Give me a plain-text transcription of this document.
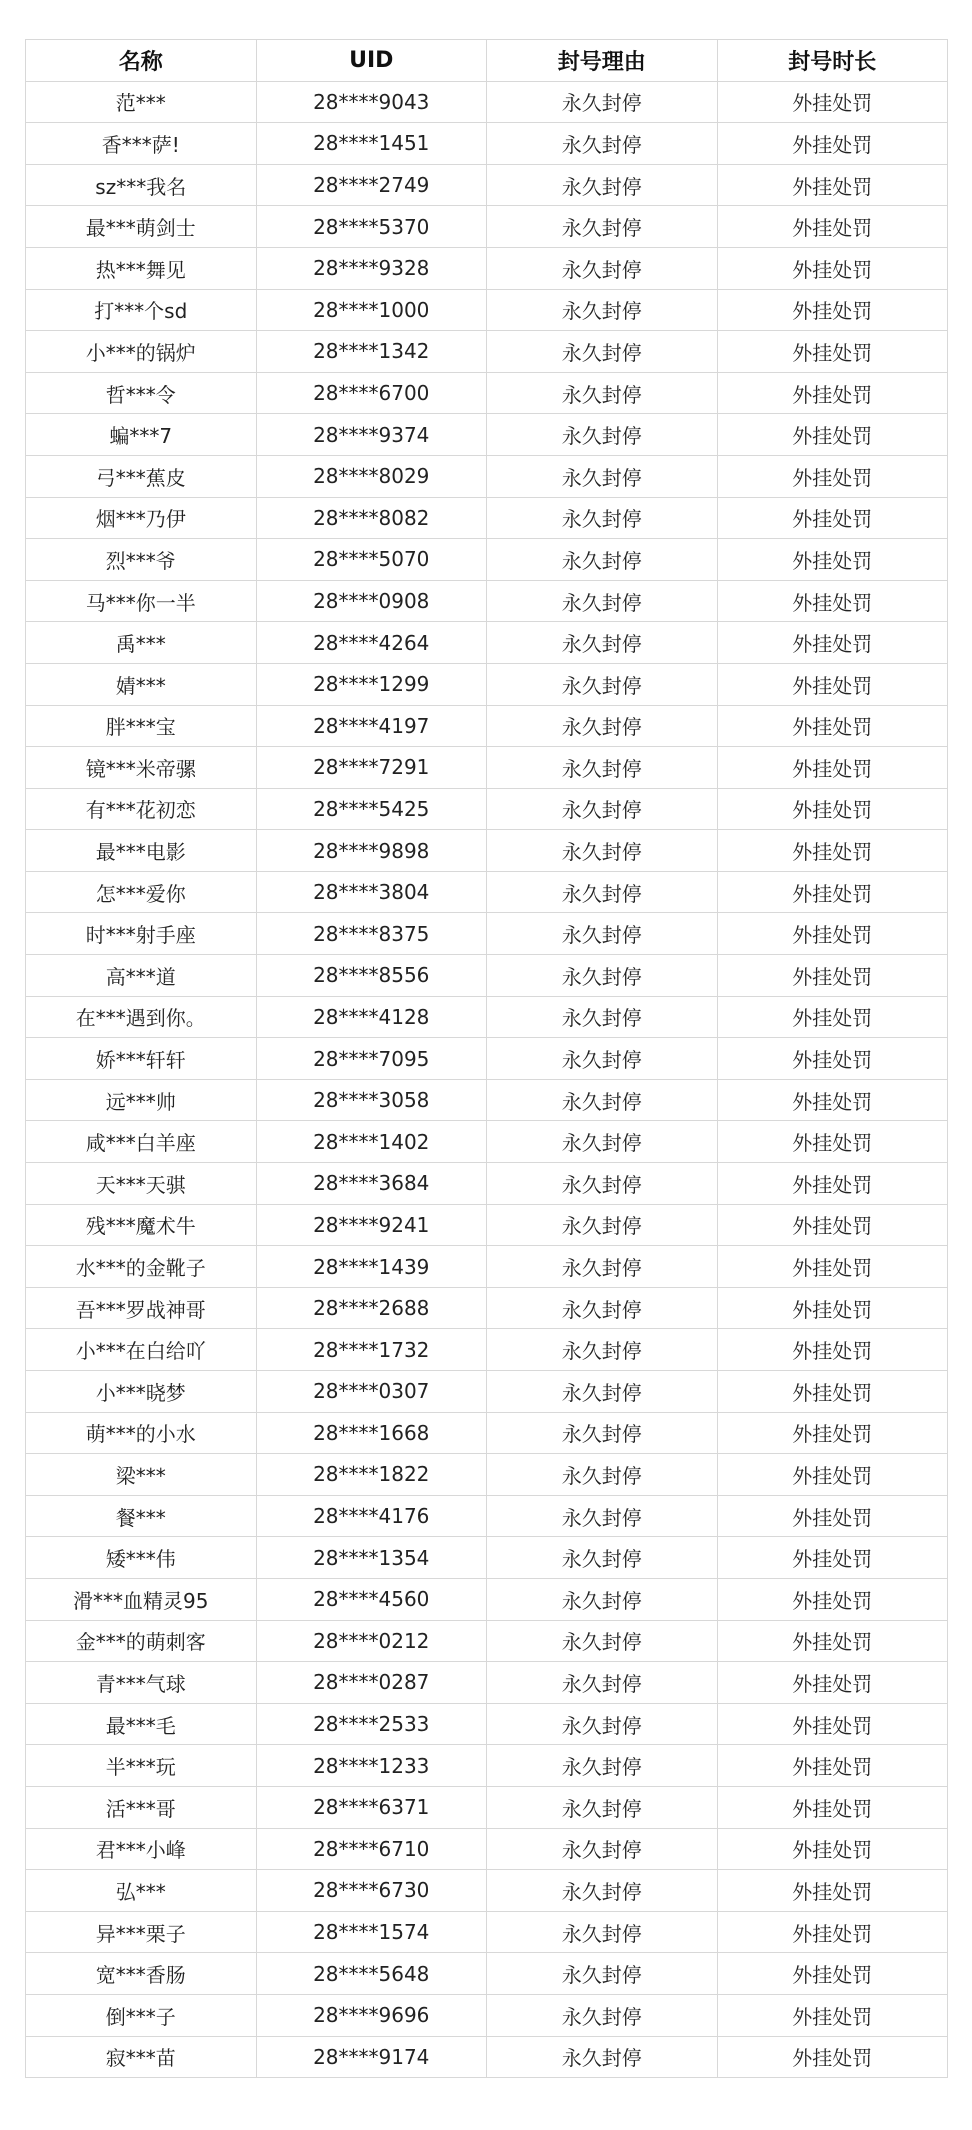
名称	UID	封号理由	封号时长
范***	28****9043	永久封停	外挂处罚
香***萨!	28****1451	永久封停	外挂处罚
sz***我名	28****2749	永久封停	外挂处罚
最***萌剑士	28****5370	永久封停	外挂处罚
热***舞见	28****9328	永久封停	外挂处罚
打***个sd	28****1000	永久封停	外挂处罚
小***的锅炉	28****1342	永久封停	外挂处罚
哲***令	28****6700	永久封停	外挂处罚
蝙***7	28****9374	永久封停	外挂处罚
弓***蕉皮	28****8029	永久封停	外挂处罚
烟***乃伊	28****8082	永久封停	外挂处罚
烈***爷	28****5070	永久封停	外挂处罚
马***你一半	28****0908	永久封停	外挂处罚
禹***	28****4264	永久封停	外挂处罚
婧***	28****1299	永久封停	外挂处罚
胖***宝	28****4197	永久封停	外挂处罚
镜***米帝骡	28****7291	永久封停	外挂处罚
有***花初恋	28****5425	永久封停	外挂处罚
最***电影	28****9898	永久封停	外挂处罚
怎***爱你	28****3804	永久封停	外挂处罚
时***射手座	28****8375	永久封停	外挂处罚
高***道	28****8556	永久封停	外挂处罚
在***遇到你。	28****4128	永久封停	外挂处罚
娇***轩轩	28****7095	永久封停	外挂处罚
远***帅	28****3058	永久封停	外挂处罚
咸***白羊座	28****1402	永久封停	外挂处罚
天***天骐	28****3684	永久封停	外挂处罚
残***魔术牛	28****9241	永久封停	外挂处罚
水***的金靴子	28****1439	永久封停	外挂处罚
吾***罗战神哥	28****2688	永久封停	外挂处罚
小***在白给吖	28****1732	永久封停	外挂处罚
小***晓梦	28****0307	永久封停	外挂处罚
萌***的小水	28****1668	永久封停	外挂处罚
梁***	28****1822	永久封停	外挂处罚
餐***	28****4176	永久封停	外挂处罚
矮***伟	28****1354	永久封停	外挂处罚
滑***血精灵95	28****4560	永久封停	外挂处罚
金***的萌刺客	28****0212	永久封停	外挂处罚
青***气球	28****0287	永久封停	外挂处罚
最***毛	28****2533	永久封停	外挂处罚
半***玩	28****1233	永久封停	外挂处罚
活***哥	28****6371	永久封停	外挂处罚
君***小峰	28****6710	永久封停	外挂处罚
弘***	28****6730	永久封停	外挂处罚
异***栗子	28****1574	永久封停	外挂处罚
宽***香肠	28****5648	永久封停	外挂处罚
倒***子	28****9696	永久封停	外挂处罚
寂***苗	28****9174	永久封停	外挂处罚
